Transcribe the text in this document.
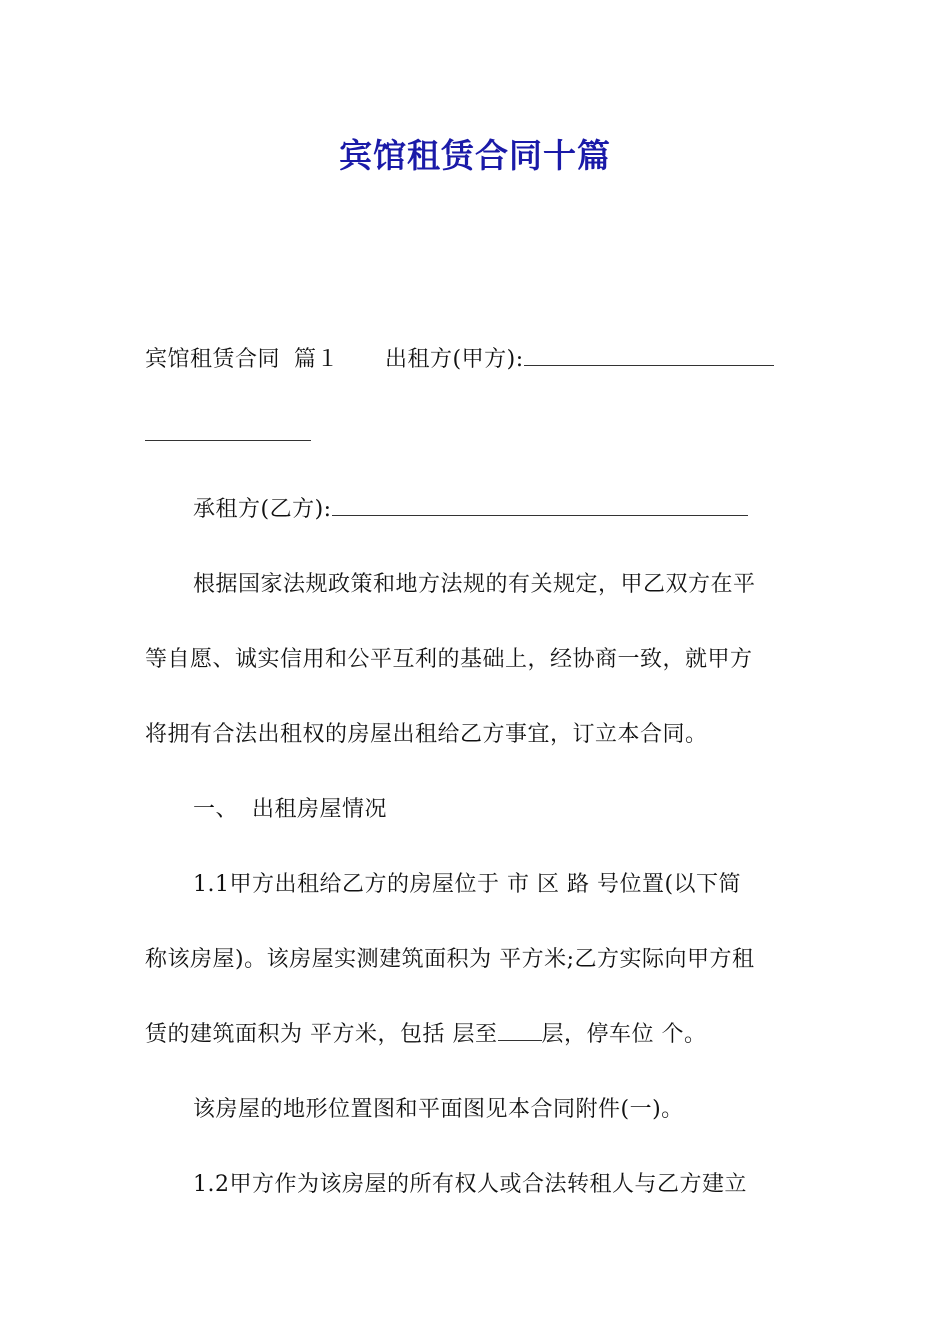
宾馆租赁合同十篇
宾馆租赁合同 篇１ 出租方(甲方):
承租方(乙方):
根据国家法规政策和地方法规的有关规定，甲乙双方在平
等自愿、诚实信用和公平互利的基础上，经协商一致，就甲方
将拥有合法出租权的房屋出租给乙方事宜，订立本合同。
一、 出租房屋情况
1.1甲方出租给乙方的房屋位于 市 区 路 号位置(以下简
称该房屋)。该房屋实测建筑面积为 平方米;乙方实际向甲方租
赁的建筑面积为 平方米，包括 层至 层，停车位 个。
该房屋的地形位置图和平面图见本合同附件(一)。
1.2甲方作为该房屋的所有权人或合法转租人与乙方建立
